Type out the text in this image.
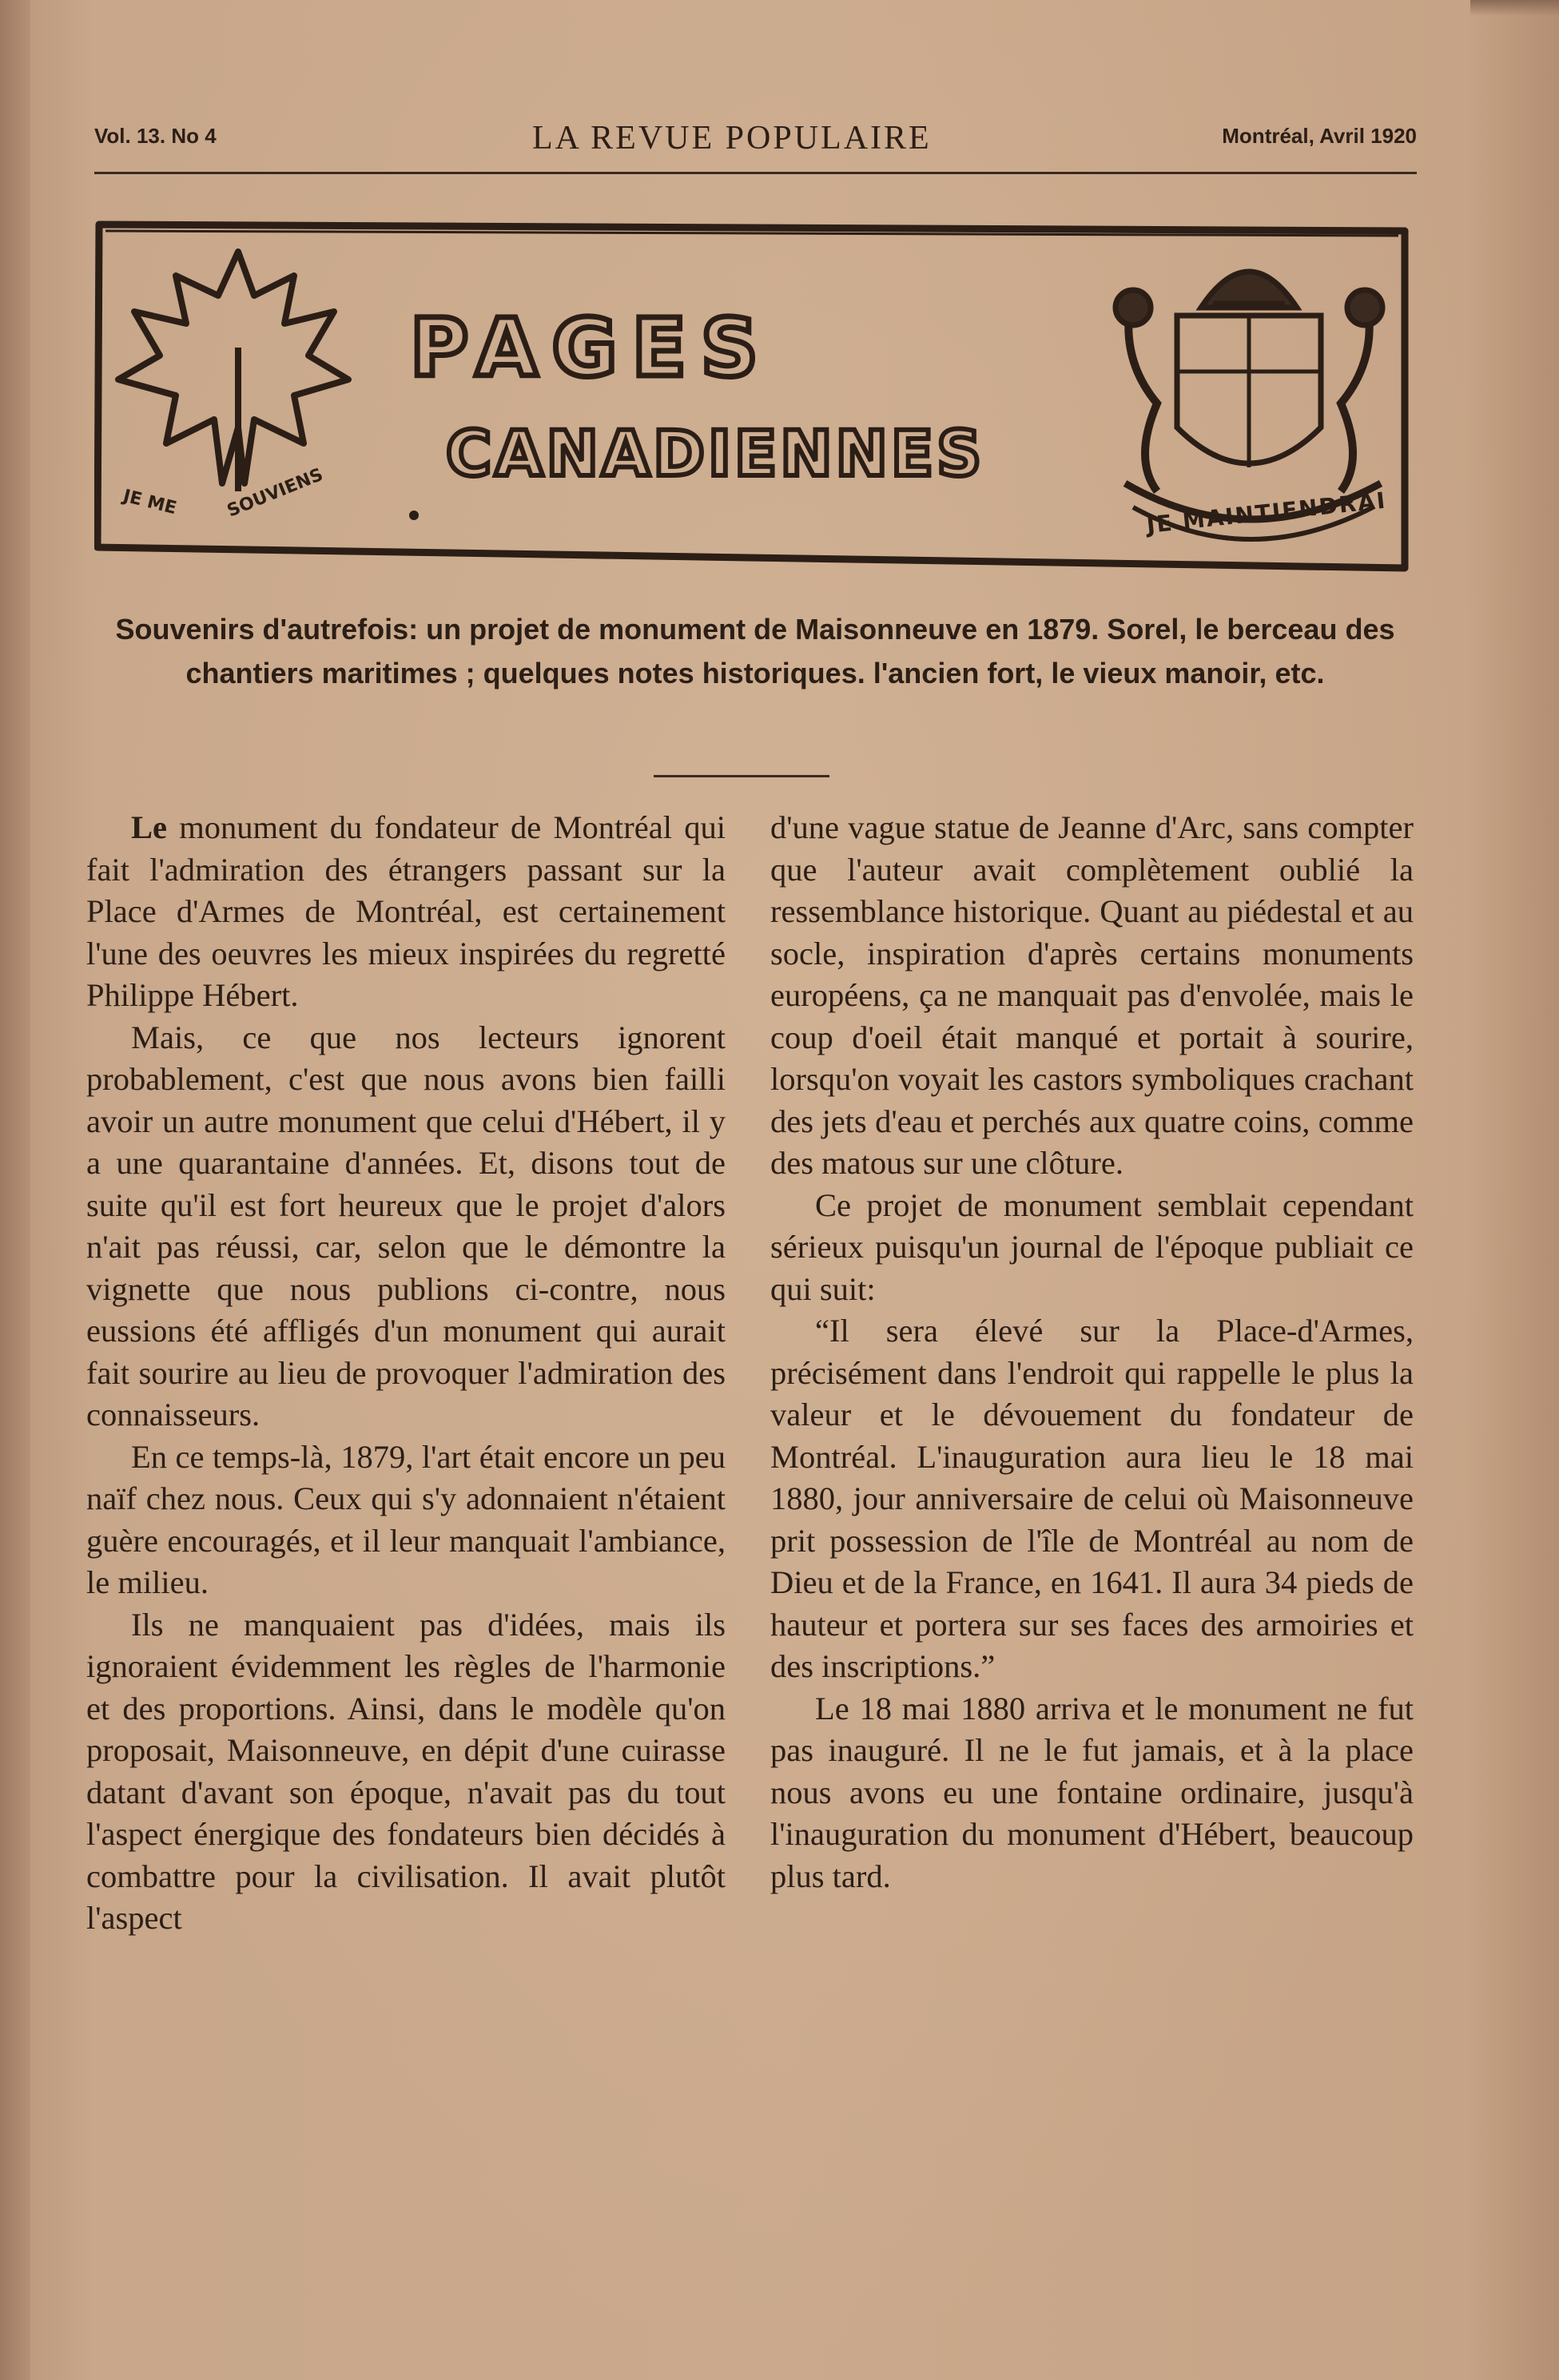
Vol. 13. No 4	LA REVUE POPULAIRE	Montréal, Avril 1920
JE ME	SOUVIENS
PAGES
CANADIENNES
JE MAINTIENDRAI
Souvenirs d'autrefois: un projet de monument de Maisonneuve en 1879. Sorel, le berceau des chantiers maritimes ; quelques notes historiques. l'ancien fort, le vieux manoir, etc.

Le monument du fondateur de Montréal qui fait l'admiration des étrangers passant sur la Place d'Armes de Montréal, est certainement l'une des oeuvres les mieux inspirées du regretté Philippe Hébert.

Mais, ce que nos lecteurs ignorent probablement, c'est que nous avons bien failli avoir un autre monument que celui d'Hébert, il y a une quarantaine d'années. Et, disons tout de suite qu'il est fort heureux que le projet d'alors n'ait pas réussi, car, selon que le démontre la vignette que nous publions ci-contre, nous eussions été affligés d'un monument qui aurait fait sourire au lieu de provoquer l'admiration des connaisseurs.

En ce temps-là, 1879, l'art était encore un peu naïf chez nous. Ceux qui s'y adonnaient n'étaient guère encouragés, et il leur manquait l'ambiance, le milieu.

Ils ne manquaient pas d'idées, mais ils ignoraient évidemment les règles de l'harmonie et des proportions. Ainsi, dans le modèle qu'on proposait, Maisonneuve, en dépit d'une cuirasse datant d'avant son époque, n'avait pas du tout l'aspect énergique des fondateurs bien décidés à combattre pour la civilisation. Il avait plutôt l'aspect

d'une vague statue de Jeanne d'Arc, sans compter que l'auteur avait complètement oublié la ressemblance historique. Quant au piédestal et au socle, inspiration d'après certains monuments européens, ça ne manquait pas d'envolée, mais le coup d'oeil était manqué et portait à sourire, lorsqu'on voyait les castors symboliques crachant des jets d'eau et perchés aux quatre coins, comme des matous sur une clôture.

Ce projet de monument semblait cependant sérieux puisqu'un journal de l'époque publiait ce qui suit:

“Il sera élevé sur la Place-d'Armes, précisément dans l'endroit qui rappelle le plus la valeur et le dévouement du fondateur de Montréal. L'inauguration aura lieu le 18 mai 1880, jour anniversaire de celui où Maisonneuve prit possession de l'île de Montréal au nom de Dieu et de la France, en 1641. Il aura 34 pieds de hauteur et portera sur ses faces des armoiries et des inscriptions.”

Le 18 mai 1880 arriva et le monument ne fut pas inauguré. Il ne le fut jamais, et à la place nous avons eu une fontaine ordinaire, jusqu'à l'inauguration du monument d'Hébert, beaucoup plus tard.
